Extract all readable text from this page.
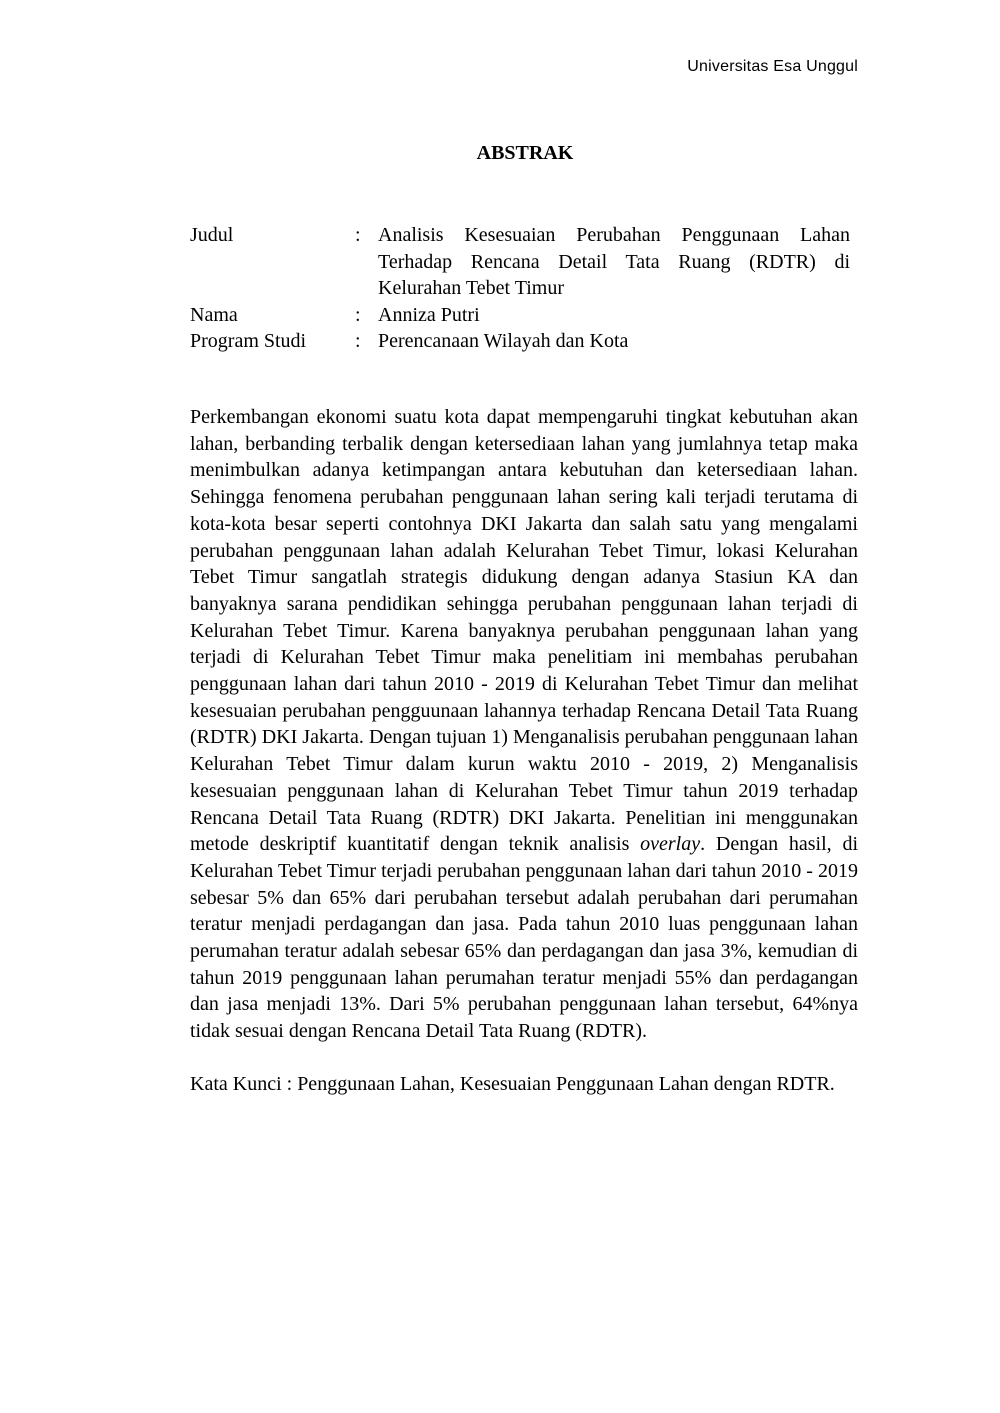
Universitas Esa Unggul
ABSTRAK
Judul	: Analisis Kesesuaian Perubahan Penggunaan Lahan Terhadap Rencana Detail Tata Ruang (RDTR) di Kelurahan Tebet Timur
Nama	: Anniza Putri
Program Studi	: Perencanaan Wilayah dan Kota

Perkembangan ekonomi suatu kota dapat mempengaruhi tingkat kebutuhan akan lahan, berbanding terbalik dengan ketersediaan lahan yang jumlahnya tetap maka menimbulkan adanya ketimpangan antara kebutuhan dan ketersediaan lahan. Sehingga fenomena perubahan penggunaan lahan sering kali terjadi terutama di kota-kota besar seperti contohnya DKI Jakarta dan salah satu yang mengalami perubahan penggunaan lahan adalah Kelurahan Tebet Timur, lokasi Kelurahan Tebet Timur sangatlah strategis didukung dengan adanya Stasiun KA dan banyaknya sarana pendidikan sehingga perubahan penggunaan lahan terjadi di Kelurahan Tebet Timur. Karena banyaknya perubahan penggunaan lahan yang terjadi di Kelurahan Tebet Timur maka penelitiam ini membahas perubahan penggunaan lahan dari tahun 2010 - 2019 di Kelurahan Tebet Timur dan melihat kesesuaian perubahan pengguunaan lahannya terhadap Rencana Detail Tata Ruang (RDTR) DKI Jakarta. Dengan tujuan 1) Menganalisis perubahan penggunaan lahan Kelurahan Tebet Timur dalam kurun waktu 2010 - 2019, 2) Menganalisis kesesuaian penggunaan lahan di Kelurahan Tebet Timur tahun 2019 terhadap Rencana Detail Tata Ruang (RDTR) DKI Jakarta. Penelitian ini menggunakan metode deskriptif kuantitatif dengan teknik analisis overlay. Dengan hasil, di Kelurahan Tebet Timur terjadi perubahan penggunaan lahan dari tahun 2010 - 2019 sebesar 5% dan 65% dari perubahan tersebut adalah perubahan dari perumahan teratur menjadi perdagangan dan jasa. Pada tahun 2010 luas penggunaan lahan perumahan teratur adalah sebesar 65% dan perdagangan dan jasa 3%, kemudian di tahun 2019 penggunaan lahan perumahan teratur menjadi 55% dan perdagangan dan jasa menjadi 13%. Dari 5% perubahan penggunaan lahan tersebut, 64%nya tidak sesuai dengan Rencana Detail Tata Ruang (RDTR).

Kata Kunci : Penggunaan Lahan, Kesesuaian Penggunaan Lahan dengan RDTR.
